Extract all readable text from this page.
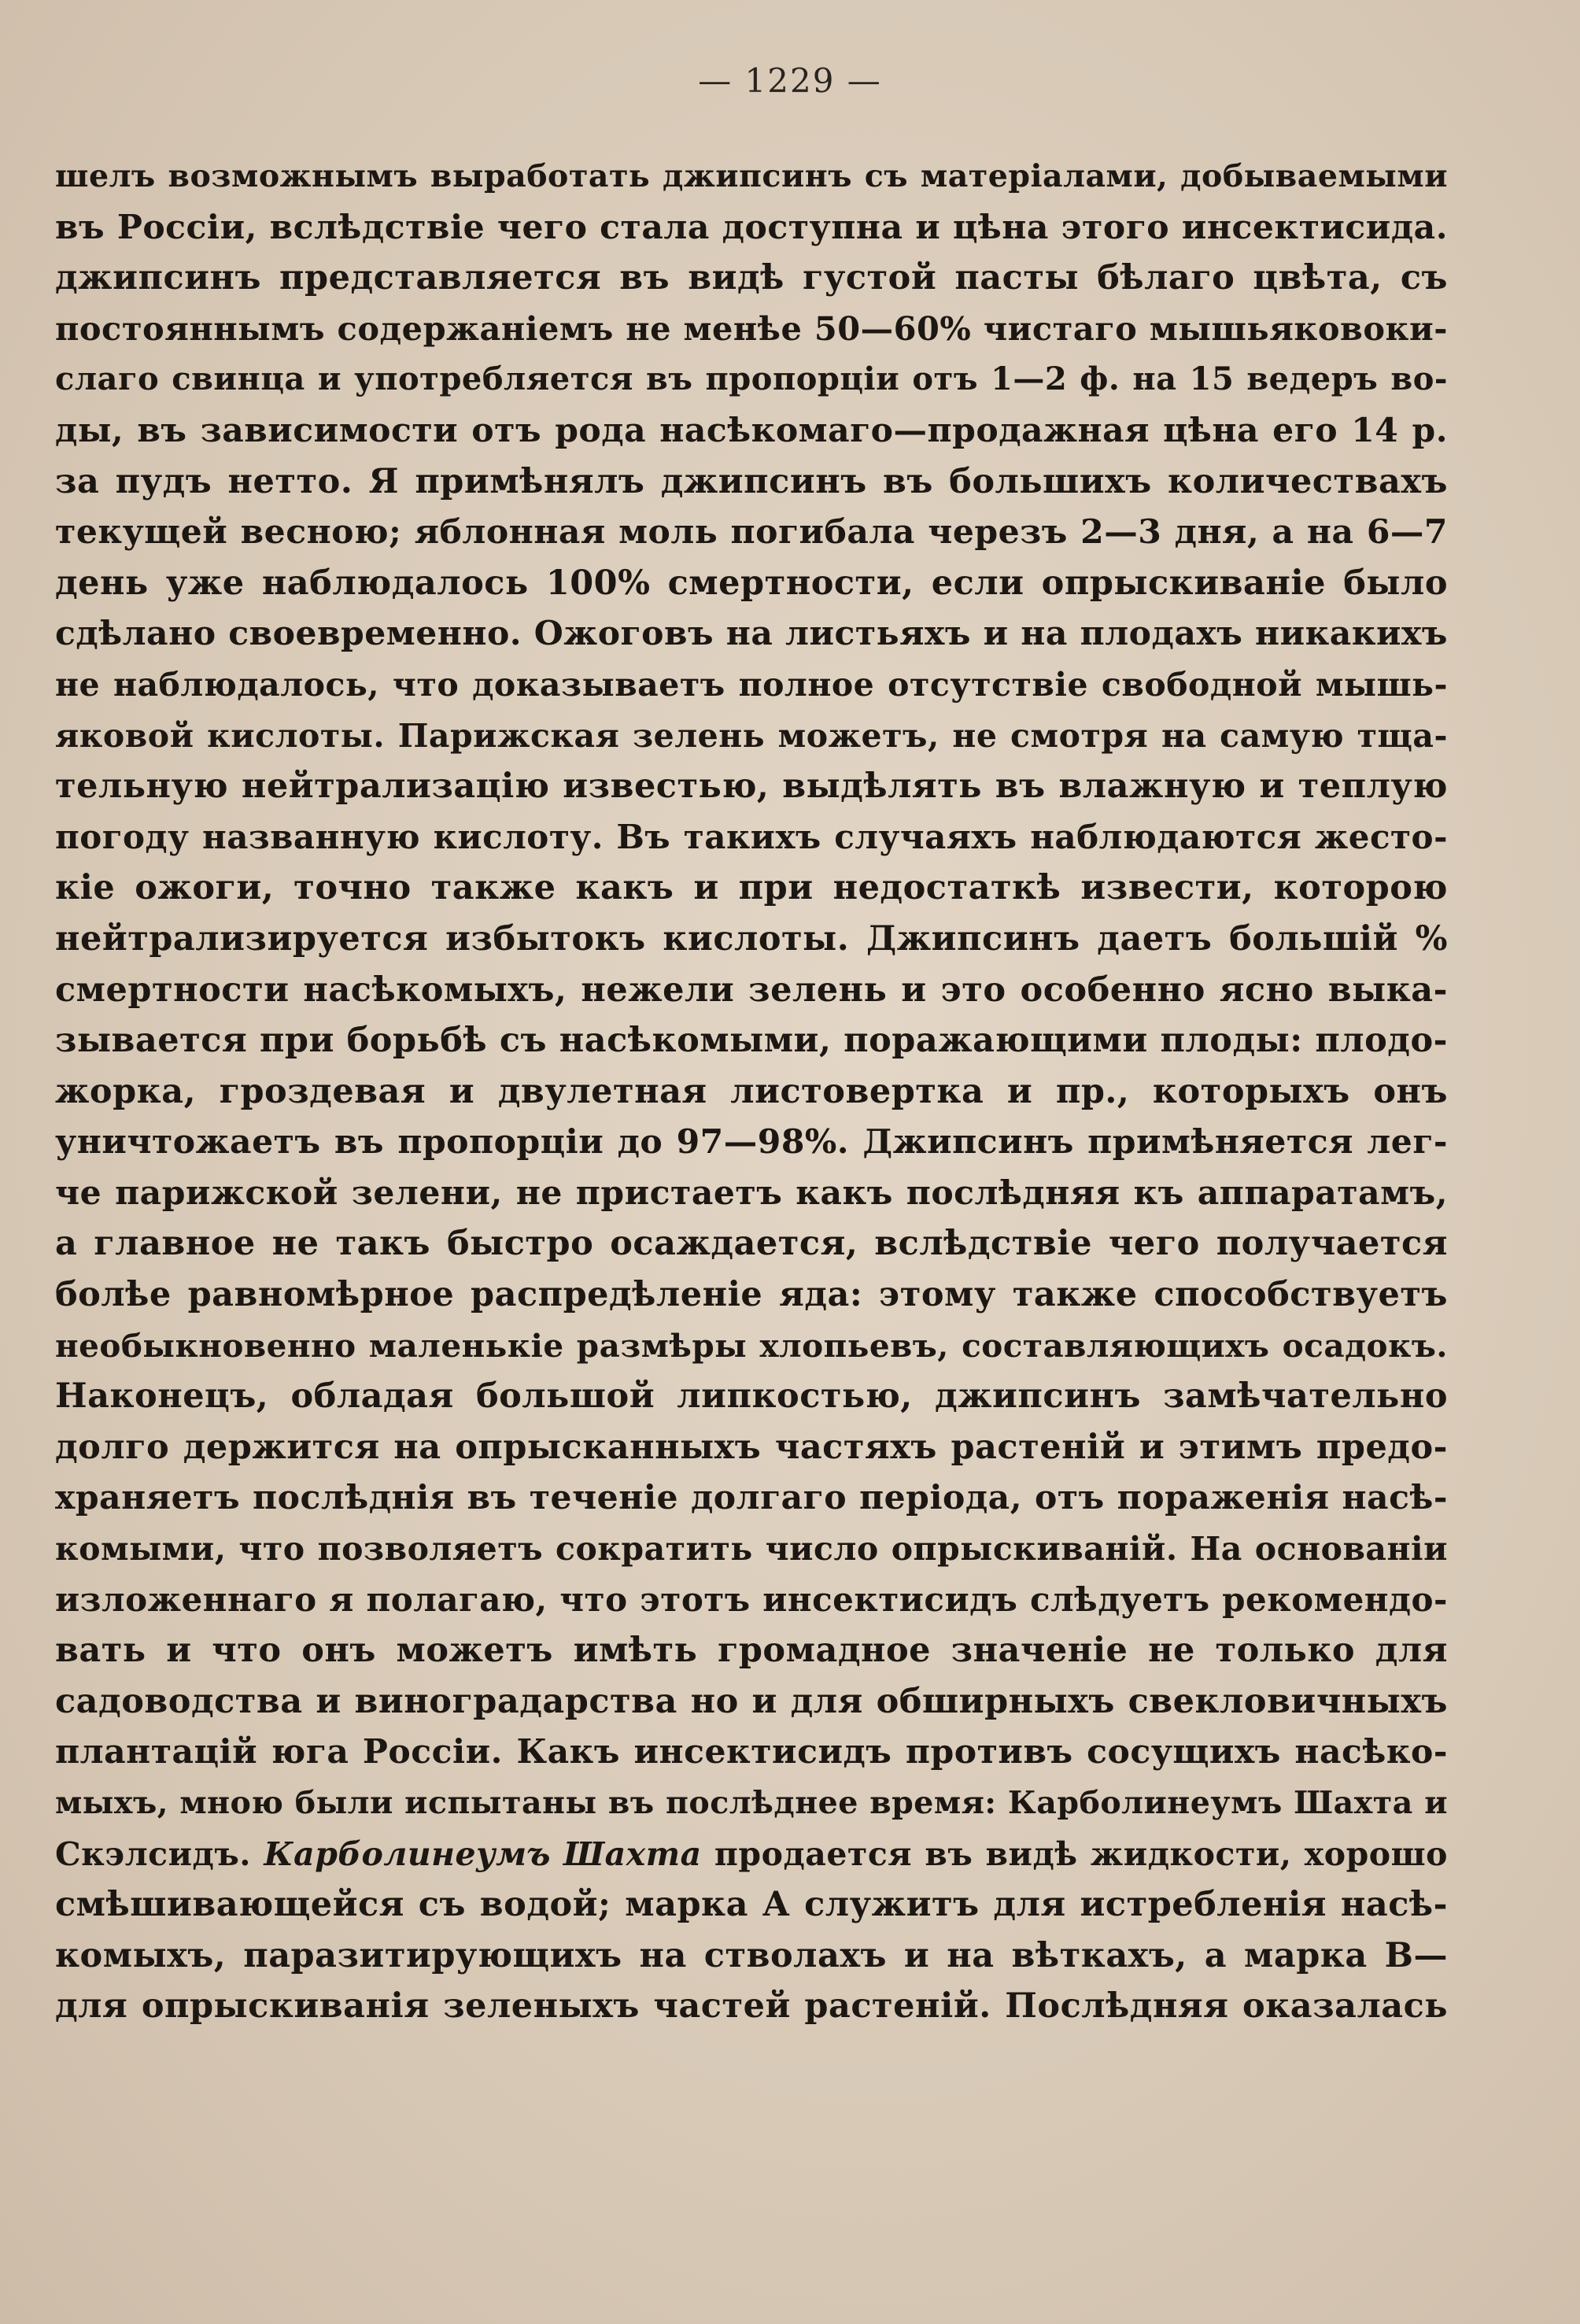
— 1229 —
шелъ возможнымъ выработать джипсинъ съ матеріалами, добываемыми
въ Россіи, вслѣдствіе чего стала доступна и цѣна этого инсектисида.
джипсинъ представляется въ видѣ густой пасты бѣлаго цвѣта, съ
постояннымъ содержаніемъ не менѣе 50—60% чистаго мышьяковоки-
слаго свинца и употребляется въ пропорціи отъ 1—2 ф. на 15 ведеръ во-
ды, въ зависимости отъ рода насѣкомаго—продажная цѣна его 14 р.
за пудъ нетто. Я примѣнялъ джипсинъ въ большихъ количествахъ
текущей весною; яблонная моль погибала черезъ 2—3 дня, а на 6—7
день уже наблюдалось 100% смертности, если опрыскиваніе было
сдѣлано своевременно. Ожоговъ на листьяхъ и на плодахъ никакихъ
не наблюдалось, что доказываетъ полное отсутствіе свободной мышь-
яковой кислоты. Парижская зелень можетъ, не смотря на самую тща-
тельную нейтрализацію известью, выдѣлять въ влажную и теплую
погоду названную кислоту. Въ такихъ случаяхъ наблюдаются жесто-
кіе ожоги, точно также какъ и при недостаткѣ извести, которою
нейтрализируется избытокъ кислоты. Джипсинъ даетъ большій %
смертности насѣкомыхъ, нежели зелень и это особенно ясно выка-
зывается при борьбѣ съ насѣкомыми, поражающими плоды: плодо-
жорка, гроздевая и двулетная листовертка и пр., которыхъ онъ
уничтожаетъ въ пропорціи до 97—98%. Джипсинъ примѣняется лег-
че парижской зелени, не пристаетъ какъ послѣдняя къ аппаратамъ,
а главное не такъ быстро осаждается, вслѣдствіе чего получается
болѣе равномѣрное распредѣленіе яда: этому также способствуетъ
необыкновенно маленькіе размѣры хлопьевъ, составляющихъ осадокъ.
Наконецъ, обладая большой липкостью, джипсинъ замѣчательно
долго держится на опрысканныхъ частяхъ растеній и этимъ предо-
храняетъ послѣднія въ теченіе долгаго періода, отъ пораженія насѣ-
комыми, что позволяетъ сократить число опрыскиваній. На основаніи
изложеннаго я полагаю, что этотъ инсектисидъ слѣдуетъ рекомендо-
вать и что онъ можетъ имѣть громадное значеніе не только для
садоводства и виноградарства но и для обширныхъ свекловичныхъ
плантацій юга Россіи. Какъ инсектисидъ противъ сосущихъ насѣко-
мыхъ, мною были испытаны въ послѣднее время: Карболинеумъ Шахта и
Скэлсидъ. Карболинеумъ Шахта продается въ видѣ жидкости, хорошо
смѣшивающейся съ водой; марка А служитъ для истребленія насѣ-
комыхъ, паразитирующихъ на стволахъ и на вѣткахъ, а марка В—
для опрыскиванія зеленыхъ частей растеній. Послѣдняя оказалась
